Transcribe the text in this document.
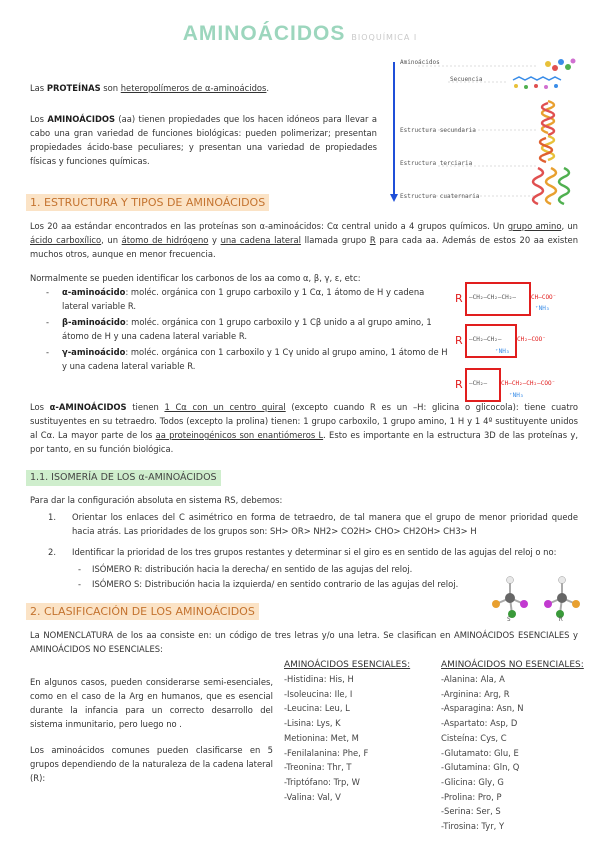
AMINOÁCIDOS BIOQUÍMICA I
Las PROTEÍNAS son heteropolímeros de α-aminoácidos.
Los AMINOÁCIDOS (aa) tienen propiedades que los hacen idóneos para llevar a cabo una gran variedad de funciones biológicas: pueden polimerizar; presentan propiedades ácido-base peculiares; y presentan una variedad de propiedades físicas y funciones químicas.
Aminoácidos
Secuencia
Estructura secundaria
Estructura terciaria
Estructura cuaternaria
1. ESTRUCTURA Y TIPOS DE AMINOÁCIDOS
Los 20 aa estándar encontrados en las proteínas son α-aminoácidos: Cα central unido a 4 grupos químicos. Un grupo amino, un ácido carboxílico, un átomo de hidrógeno y una cadena lateral llamada grupo R para cada aa. Además de estos 20 aa existen muchos otros, aunque en menor frecuencia.
Normalmente se pueden identificar los carbonos de los aa como α, β, γ, ε, etc:
- α-aminoácido: moléc. orgánica con 1 grupo carboxilo y 1 Cα, 1 átomo de H y cadena lateral variable R.
- β-aminoácido: moléc. orgánica con 1 grupo carboxilo y 1 Cβ unido a al grupo amino, 1 átomo de H y una cadena lateral variable R.
- γ-aminoácido: moléc. orgánica con 1 carboxilo y 1 Cγ unido al grupo amino, 1 átomo de H y una cadena lateral variable R.
R —CH₂—CH₂—CH₂—	CH—COO⁻
⁺NH₃
R —CH₂—CH₂—	CH₂—COO⁻
⁺NH₃
R —CH₂— CH—CH₂—CH₂—COO⁻
⁺NH₃
Los α-AMINOÁCIDOS tienen 1 Cα con un centro quiral (excepto cuando R es un –H: glicina o glicocola): tiene cuatro sustituyentes en su tetraedro. Todos (excepto la prolina) tienen: 1 grupo carboxilo, 1 grupo amino, 1 H y 1 4º sustituyente unidos al Cα. La mayor parte de los aa proteinogénicos son enantiómeros L. Esto es importante en la estructura 3D de las proteínas y, por tanto, en su función biológica.
1.1. ISOMERÍA DE LOS α-AMINOÁCIDOS
Para dar la configuración absoluta en sistema RS, debemos:
1. Orientar los enlaces del C asimétrico en forma de tetraedro, de tal manera que el grupo de menor prioridad quede hacia atrás. Las prioridades de los grupos son: SH> OR> NH2> CO2H> CHO> CH2OH> CH3> H
2. Identificar la prioridad de los tres grupos restantes y determinar si el giro es en sentido de las agujas del reloj o no:
- ISÓMERO R: distribución hacia la derecha/ en sentido de las agujas del reloj.
- ISÓMERO S: Distribución hacia la izquierda/ en sentido contrario de las agujas del reloj.
S	R
2. CLASIFICACIÓN DE LOS AMINOÁCIDOS
La NOMENCLATURA de los aa consiste en: un código de tres letras y/o una letra. Se clasifican en AMINOÁCIDOS ESENCIALES y AMINOÁCIDOS NO ESENCIALES:
En algunos casos, pueden considerarse semi-esenciales, como en el caso de la Arg en humanos, que es esencial durante la infancia para un correcto desarrollo del sistema inmunitario, pero luego no .
Los aminoácidos comunes pueden clasificarse en 5 grupos dependiendo de la naturaleza de la cadena lateral (R):
AMINOÁCIDOS ESENCIALES:
-Histidina: His, H
-Isoleucina: Ile, I
-Leucina: Leu, L
-Lisina: Lys, K
Metionina: Met, M
-Fenilalanina: Phe, F
-Treonina: Thr, T
-Triptófano: Trp, W
-Valina: Val, V
AMINOÁCIDOS NO ESENCIALES:
-Alanina: Ala, A
-Arginina: Arg, R
-Asparagina: Asn, N
-Aspartato: Asp, D
Cisteína: Cys, C
-Glutamato: Glu, E
-Glutamina: Gln, Q
-Glicina: Gly, G
-Prolina: Pro, P
-Serina: Ser, S
-Tirosina: Tyr, Y
